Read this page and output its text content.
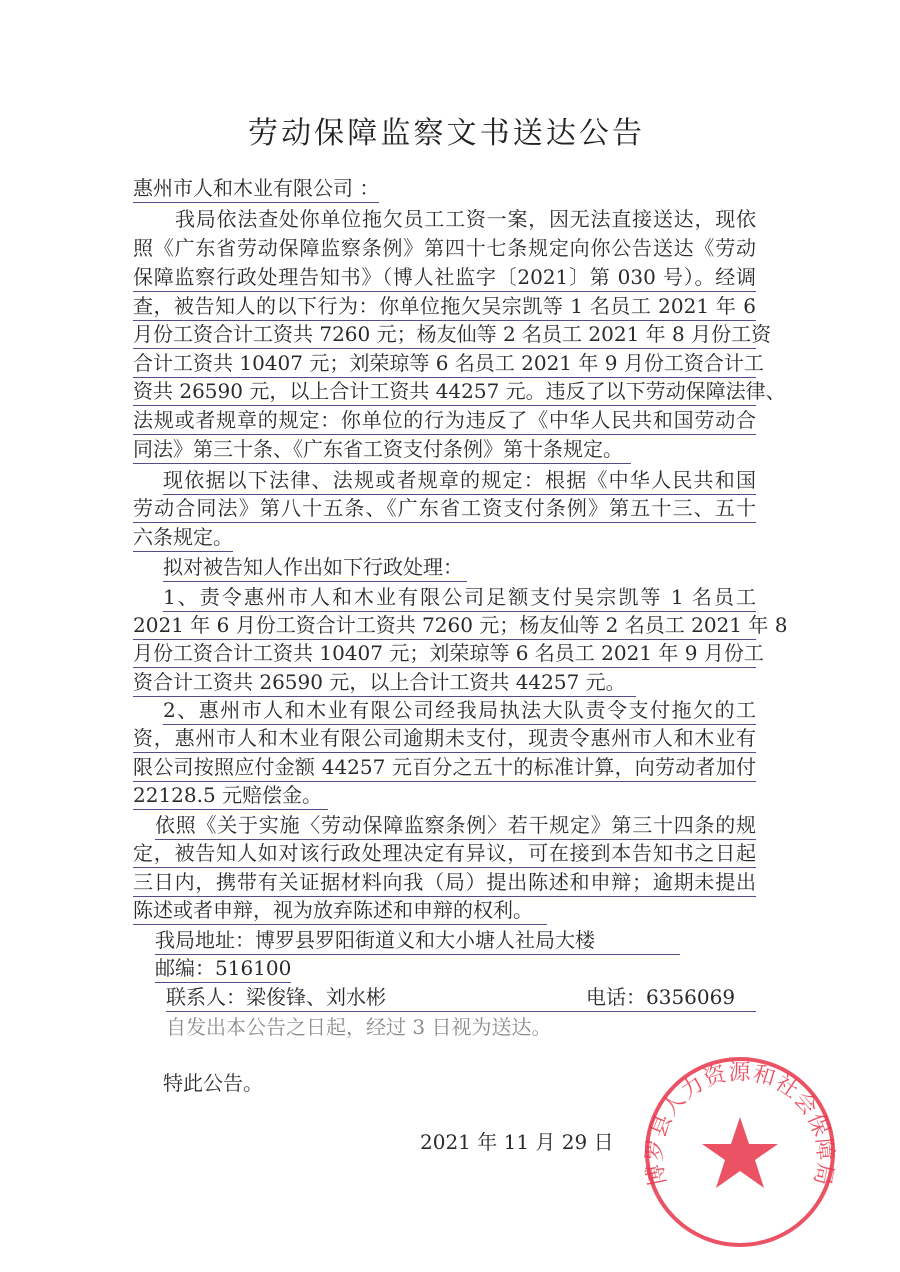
劳动保障监察文书送达公告
惠州市人和木业有限公司 ：
我局依法查处你单位拖欠员工工资一案，因无法直接送达，现依
照《广东省劳动保障监察条例》第四十七条规定向你公告送达《劳动
保障监察行政处理告知书》（博人社监字〔2021〕第 030 号）。经调
查，被告知人的以下行为：你单位拖欠吴宗凯等 1 名员工 2021 年 6
月份工资合计工资共 7260 元；杨友仙等 2 名员工 2021 年 8 月份工资
合计工资共 10407 元；刘荣琼等 6 名员工 2021 年 9 月份工资合计工
资共 26590 元，以上合计工资共 44257 元。违反了以下劳动保障法律、
法规或者规章的规定：你单位的行为违反了《中华人民共和国劳动合
同法》第三十条、《广东省工资支付条例》第十条规定。
现依据以下法律、法规或者规章的规定：根据《中华人民共和国
劳动合同法》第八十五条、《广东省工资支付条例》第五十三、五十
六条规定。
拟对被告知人作出如下行政处理：
1、责令惠州市人和木业有限公司足额支付吴宗凯等 1 名员工
2021 年 6 月份工资合计工资共 7260 元；杨友仙等 2 名员工 2021 年 8
月份工资合计工资共 10407 元；刘荣琼等 6 名员工 2021 年 9 月份工
资合计工资共 26590 元，以上合计工资共 44257 元。
2、惠州市人和木业有限公司经我局执法大队责令支付拖欠的工
资，惠州市人和木业有限公司逾期未支付，现责令惠州市人和木业有
限公司按照应付金额 44257 元百分之五十的标准计算，向劳动者加付
22128.5 元赔偿金。
依照《关于实施〈劳动保障监察条例〉若干规定》第三十四条的规
定，被告知人如对该行政处理决定有异议，可在接到本告知书之日起
三日内，携带有关证据材料向我（局）提出陈述和申辩；逾期未提出
陈述或者申辩，视为放弃陈述和申辩的权利。
我局地址：博罗县罗阳街道义和大小塘人社局大楼
邮编：516100
联系人：梁俊锋、刘水彬	电话：6356069
自发出本公告之日起，经过 3 日视为送达。
特此公告。
博罗县人力资源和社会保障局
2021 年 11 月 29 日
